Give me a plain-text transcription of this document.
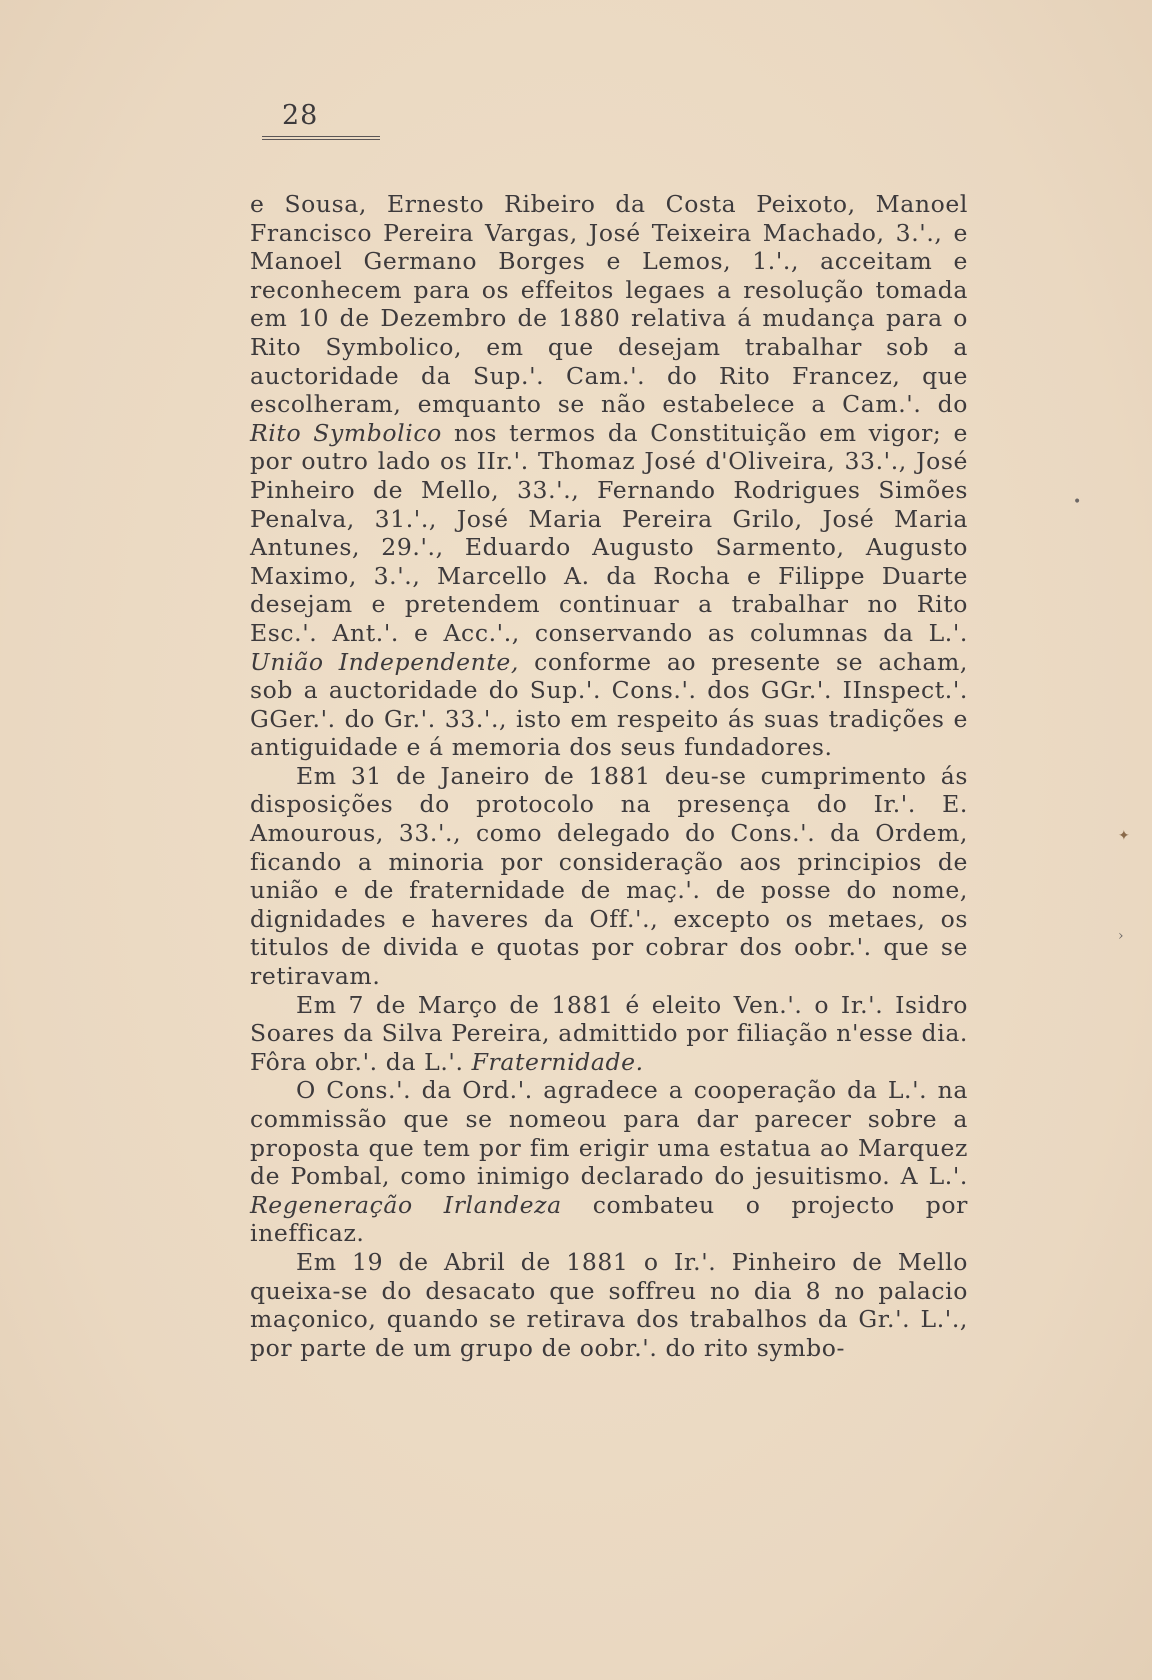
28

e Sousa, Ernesto Ribeiro da Costa Peixoto, Manoel Francisco Pereira Vargas, José Teixeira Machado, 3.'., e Manoel Germano Borges e Lemos, 1.'., acceitam e reconhecem para os effeitos legaes a resolução tomada em 10 de Dezembro de 1880 relativa á mudança para o Rito Symbolico, em que desejam trabalhar sob a auctoridade da Sup.'. Cam.'. do Rito Francez, que escolheram, emquanto se não estabelece a Cam.'. do Rito Symbolico nos termos da Constituição em vigor; e por outro lado os IIr.'. Thomaz José d'Oliveira, 33.'., José Pinheiro de Mello, 33.'., Fernando Rodrigues Simões Penalva, 31.'., José Maria Pereira Grilo, José Maria Antunes, 29.'., Eduardo Augusto Sarmento, Augusto Maximo, 3.'., Marcello A. da Rocha e Filippe Duarte desejam e pretendem continuar a trabalhar no Rito Esc.'. Ant.'. e Acc.'., conservando as columnas da L.'. União Independente, conforme ao presente se acham, sob a auctoridade do Sup.'. Cons.'. dos GGr.'. IInspect.'. GGer.'. do Gr.'. 33.'., isto em respeito ás suas tradições e antiguidade e á memoria dos seus fundadores.

Em 31 de Janeiro de 1881 deu-se cumprimento ás disposições do protocolo na presença do Ir.'. E. Amourous, 33.'., como delegado do Cons.'. da Ordem, ficando a minoria por consideração aos principios de união e de fraternidade de maç.'. de posse do nome, dignidades e haveres da Off.'., excepto os metaes, os titulos de divida e quotas por cobrar dos oobr.'. que se retiravam.

Em 7 de Março de 1881 é eleito Ven.'. o Ir.'. Isidro Soares da Silva Pereira, admittido por filiação n'esse dia. Fôra obr.'. da L.'. Fraternidade.

O Cons.'. da Ord.'. agradece a cooperação da L.'. na commissão que se nomeou para dar parecer sobre a proposta que tem por fim erigir uma estatua ao Marquez de Pombal, como inimigo declarado do jesuitismo. A L.'. Regeneração Irlandeza combateu o projecto por inefficaz.

Em 19 de Abril de 1881 o Ir.'. Pinheiro de Mello queixa-se do desacato que soffreu no dia 8 no palacio maçonico, quando se retirava dos trabalhos da Gr.'. L.'., por parte de um grupo de oobr.'. do rito symbo-

•
✦
›
